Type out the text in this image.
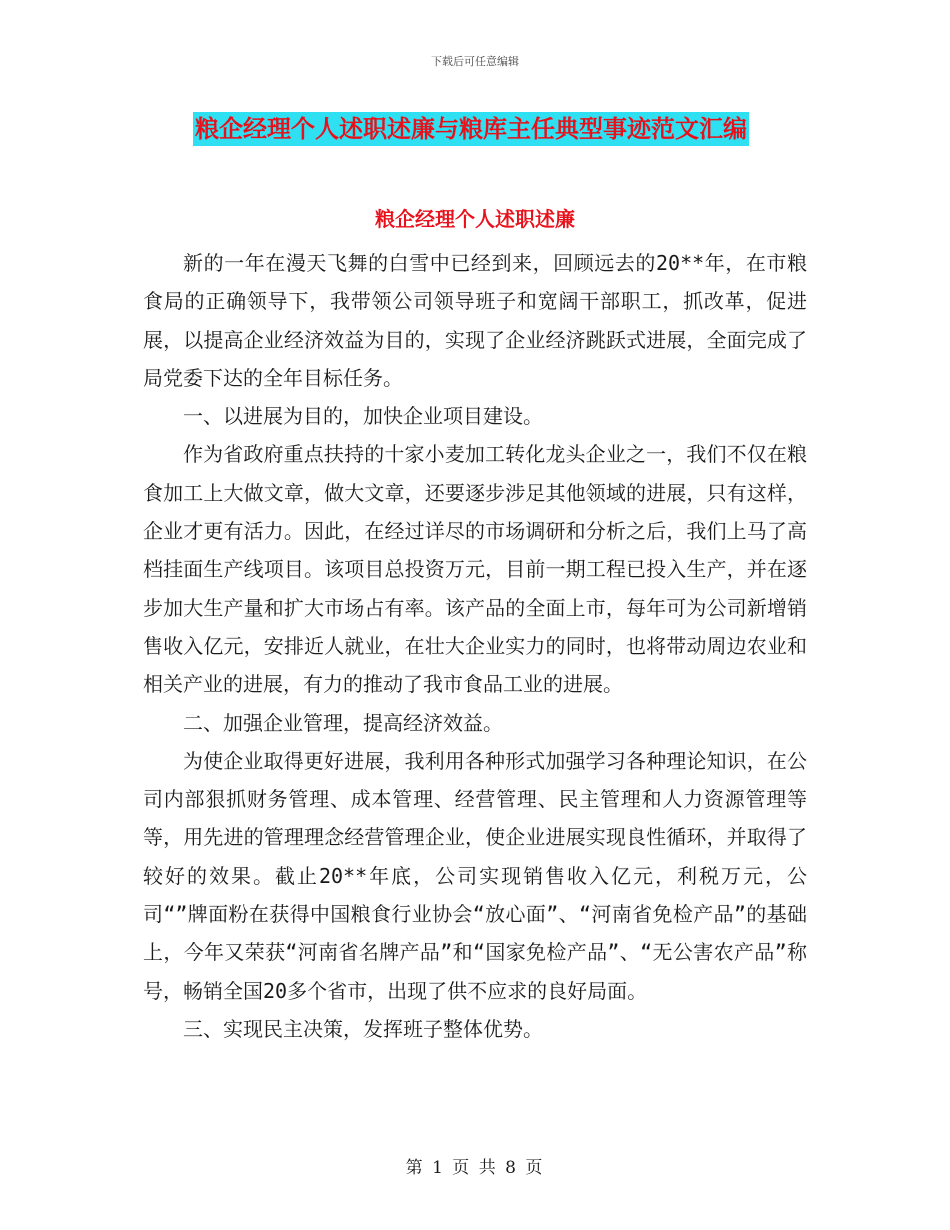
下载后可任意编辑
粮企经理个人述职述廉与粮库主任典型事迹范文汇编
粮企经理个人述职述廉

新的一年在漫天飞舞的白雪中已经到来，回顾远去的20**年，在市粮食局的正确领导下，我带领公司领导班子和宽阔干部职工，抓改革，促进展，以提高企业经济效益为目的，实现了企业经济跳跃式进展，全面完成了局党委下达的全年目标任务。

一、以进展为目的，加快企业项目建设。

作为省政府重点扶持的十家小麦加工转化龙头企业之一，我们不仅在粮食加工上大做文章，做大文章，还要逐步涉足其他领域的进展，只有这样，企业才更有活力。因此，在经过详尽的市场调研和分析之后，我们上马了高档挂面生产线项目。该项目总投资万元，目前一期工程已投入生产，并在逐步加大生产量和扩大市场占有率。该产品的全面上市，每年可为公司新增销售收入亿元，安排近人就业，在壮大企业实力的同时，也将带动周边农业和相关产业的进展，有力的推动了我市食品工业的进展。

二、加强企业管理，提高经济效益。

为使企业取得更好进展，我利用各种形式加强学习各种理论知识，在公司内部狠抓财务管理、成本管理、经营管理、民主管理和人力资源管理等等，用先进的管理理念经营管理企业，使企业进展实现良性循环，并取得了较好的效果。截止20**年底，公司实现销售收入亿元，利税万元，公司“”牌面粉在获得中国粮食行业协会“放心面”、“河南省免检产品”的基础上，今年又荣获“河南省名牌产品”和“国家免检产品”、“无公害农产品”称号，畅销全国20多个省市，出现了供不应求的良好局面。

三、实现民主决策，发挥班子整体优势。

第 1 页 共 8 页
